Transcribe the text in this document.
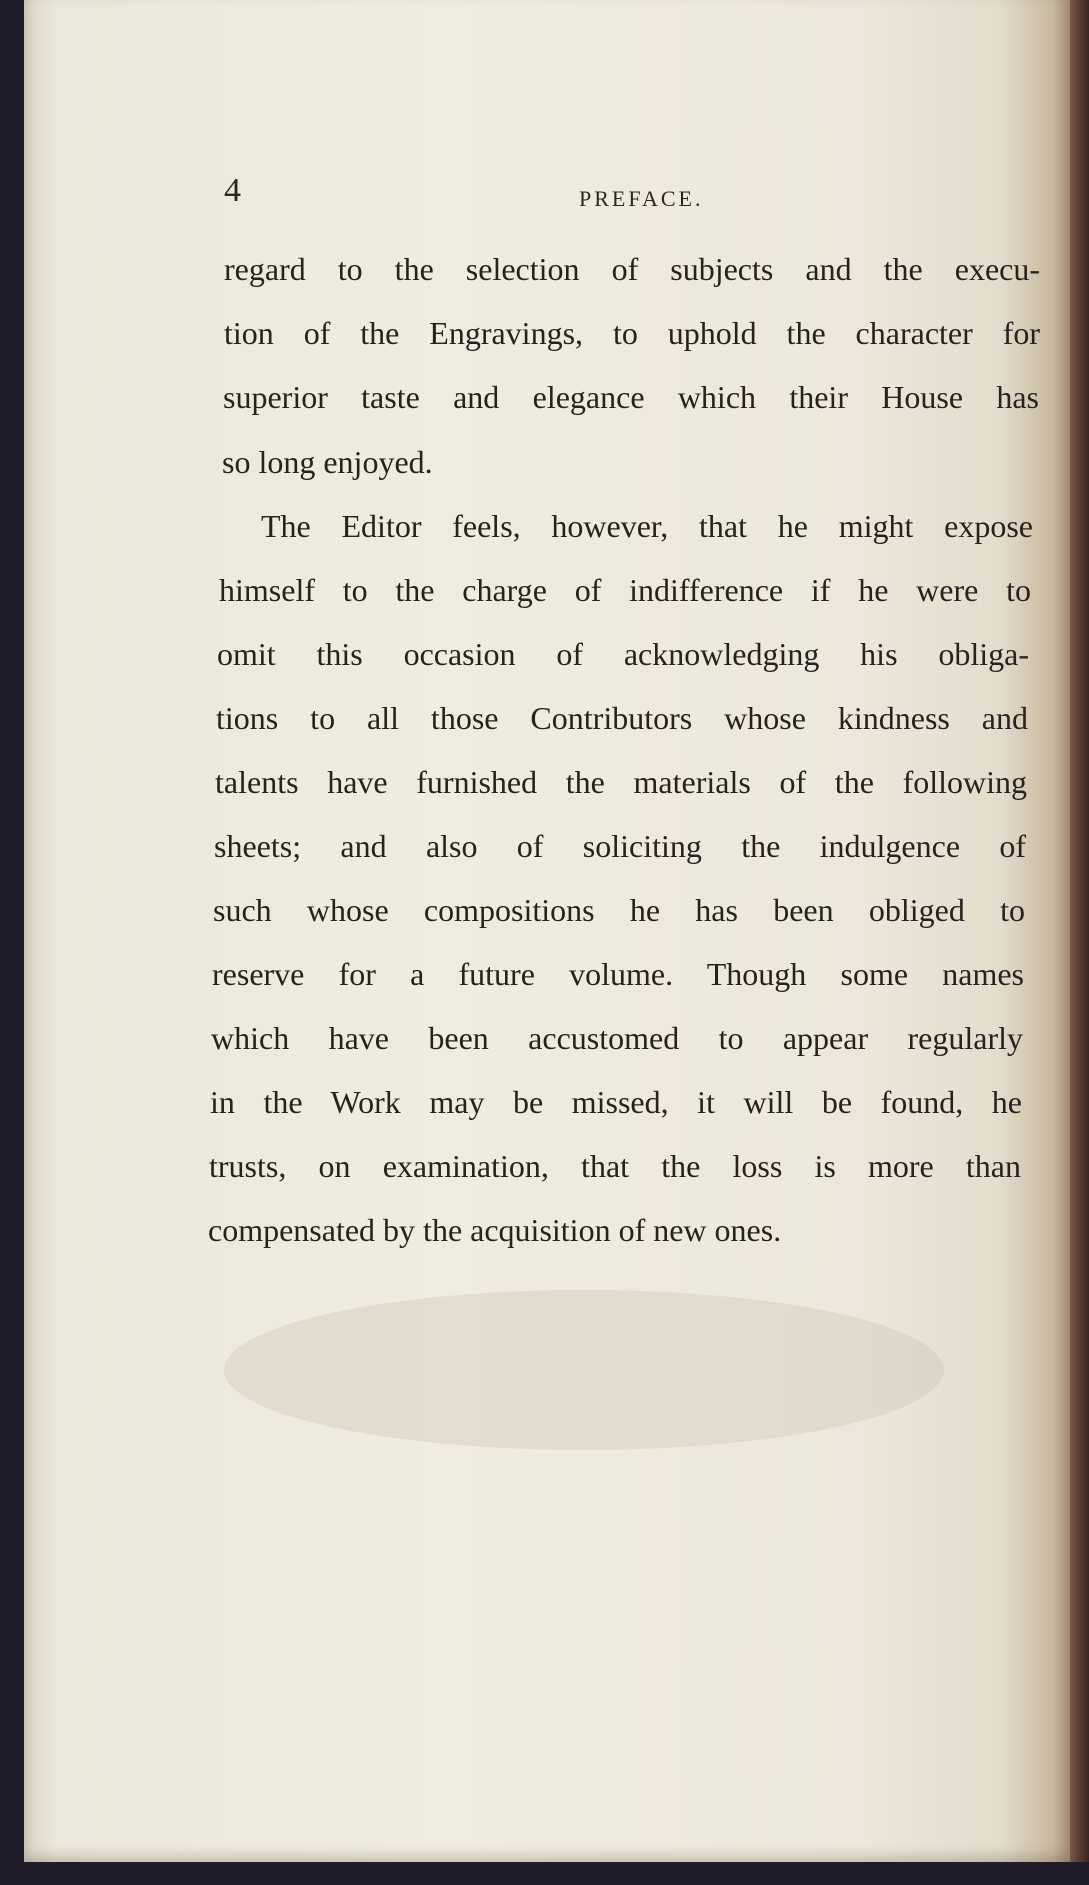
4	PREFACE.
regard to the selection of subjects and the execu-
tion of the Engravings, to uphold the character for
superior taste and elegance which their House has
so long enjoyed.
The Editor feels, however, that he might expose
himself to the charge of indifference if he were to
omit this occasion of acknowledging his obliga-
tions to all those Contributors whose kindness and
talents have furnished the materials of the following
sheets; and also of soliciting the indulgence of
such whose compositions he has been obliged to
reserve for a future volume. Though some names
which have been accustomed to appear regularly
in the Work may be missed, it will be found, he
trusts, on examination, that the loss is more than
compensated by the acquisition of new ones.
